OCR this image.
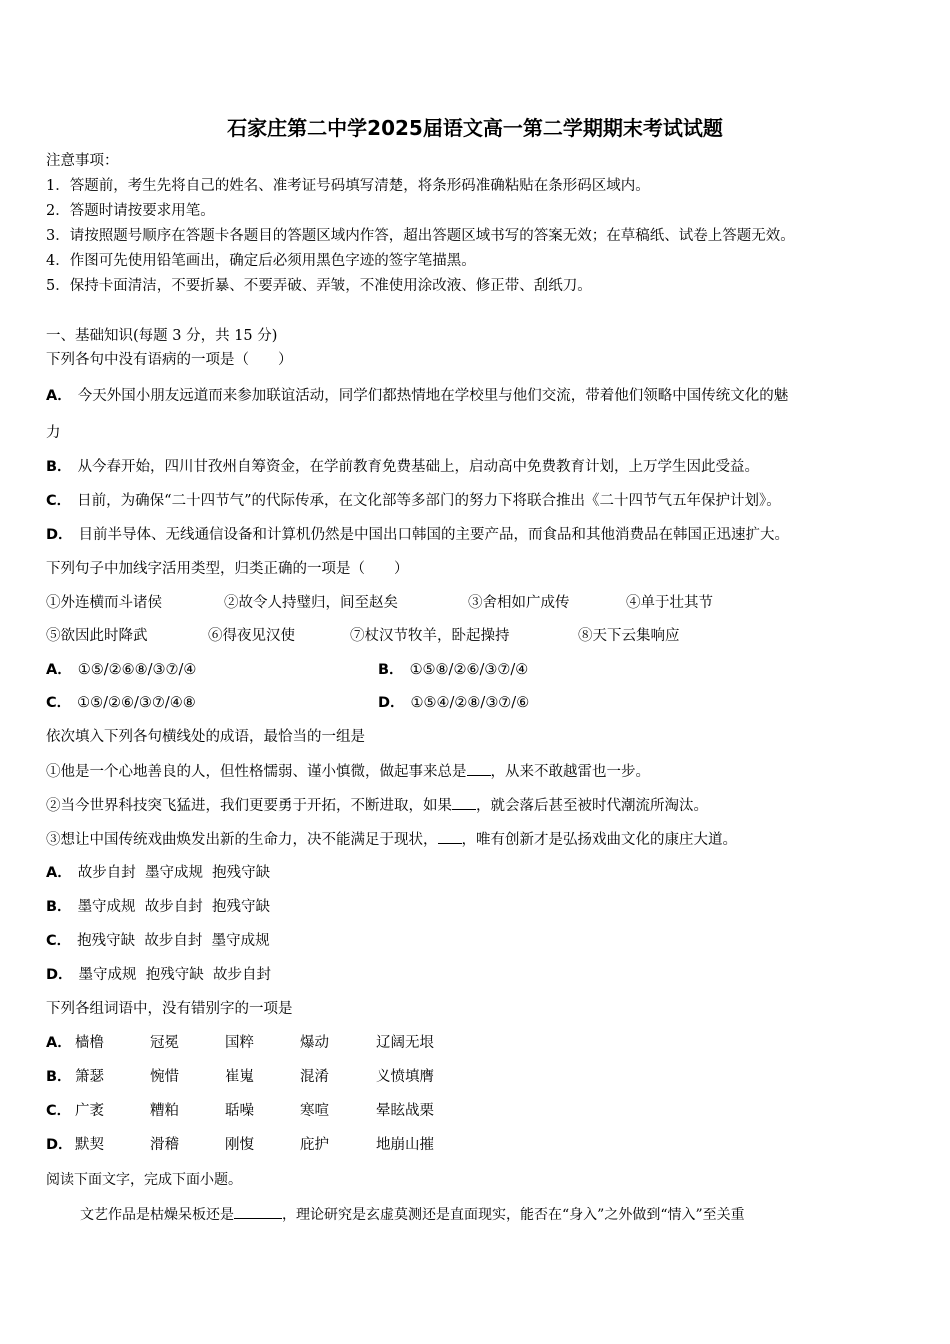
石家庄第二中学2025届语文高一第二学期期末考试试题
注意事项：
1．答题前，考生先将自己的姓名、准考证号码填写清楚，将条形码准确粘贴在条形码区域内。
2．答题时请按要求用笔。
3．请按照题号顺序在答题卡各题目的答题区域内作答，超出答题区域书写的答案无效；在草稿纸、试卷上答题无效。
4．作图可先使用铅笔画出，确定后必须用黑色字迹的签字笔描黑。
5．保持卡面清洁，不要折暴、不要弄破、弄皱，不准使用涂改液、修正带、刮纸刀。
一、基础知识(每题 3 分，共 15 分)
下列各句中没有语病的一项是（　　）
A． 今天外国小朋友远道而来参加联谊活动，同学们都热情地在学校里与他们交流，带着他们领略中国传统文化的魅
力
B． 从今春开始，四川甘孜州自筹资金，在学前教育免费基础上，启动高中免费教育计划，上万学生因此受益。
C． 日前，为确保“二十四节气”的代际传承，在文化部等多部门的努力下将联合推出《二十四节气五年保护计划》。
D． 目前半导体、无线通信设备和计算机仍然是中国出口韩国的主要产品，而食品和其他消费品在韩国正迅速扩大。
下列句子中加线字活用类型，归类正确的一项是（　　）
①外连横而斗诸侯	②故令人持璧归，间至赵矣	③舍相如广成传	④单于壮其节
⑤欲因此时降武	⑥得夜见汉使	⑦杖汉节牧羊，卧起操持	⑧天下云集响应
A． ①⑤/②⑥⑧/③⑦/④	B． ①⑤⑧/②⑥/③⑦/④
C． ①⑤/②⑥/③⑦/④⑧	D． ①⑤④/②⑧/③⑦/⑥
依次填入下列各句横线处的成语，最恰当的一组是
①他是一个心地善良的人，但性格懦弱、谨小慎微，做起事来总是 ，从来不敢越雷也一步。
②当今世界科技突飞猛进，我们更要勇于开拓，不断进取，如果 ，就会落后甚至被时代潮流所淘汰。
③想让中国传统戏曲焕发出新的生命力，决不能满足于现状， ，唯有创新才是弘扬戏曲文化的康庄大道。
A． 故步自封  墨守成规  抱残守缺
B． 墨守成规  故步自封  抱残守缺
C． 抱残守缺  故步自封  墨守成规
D． 墨守成规  抱残守缺  故步自封
下列各组词语中，没有错别字的一项是
A． 樯橹	冠冕	国粹	爆动	辽阔无垠
B． 箫瑟	惋惜	崔嵬	混淆	义愤填膺
C． 广袤	糟粕	聒噪	寒喧	晕眩战栗
D． 默契	滑稽	刚愎	庇护	地崩山摧
阅读下面文字，完成下面小题。
文艺作品是枯燥呆板还是	，理论研究是玄虚莫测还是直面现实，能否在“身入”之外做到“情入”至关重
